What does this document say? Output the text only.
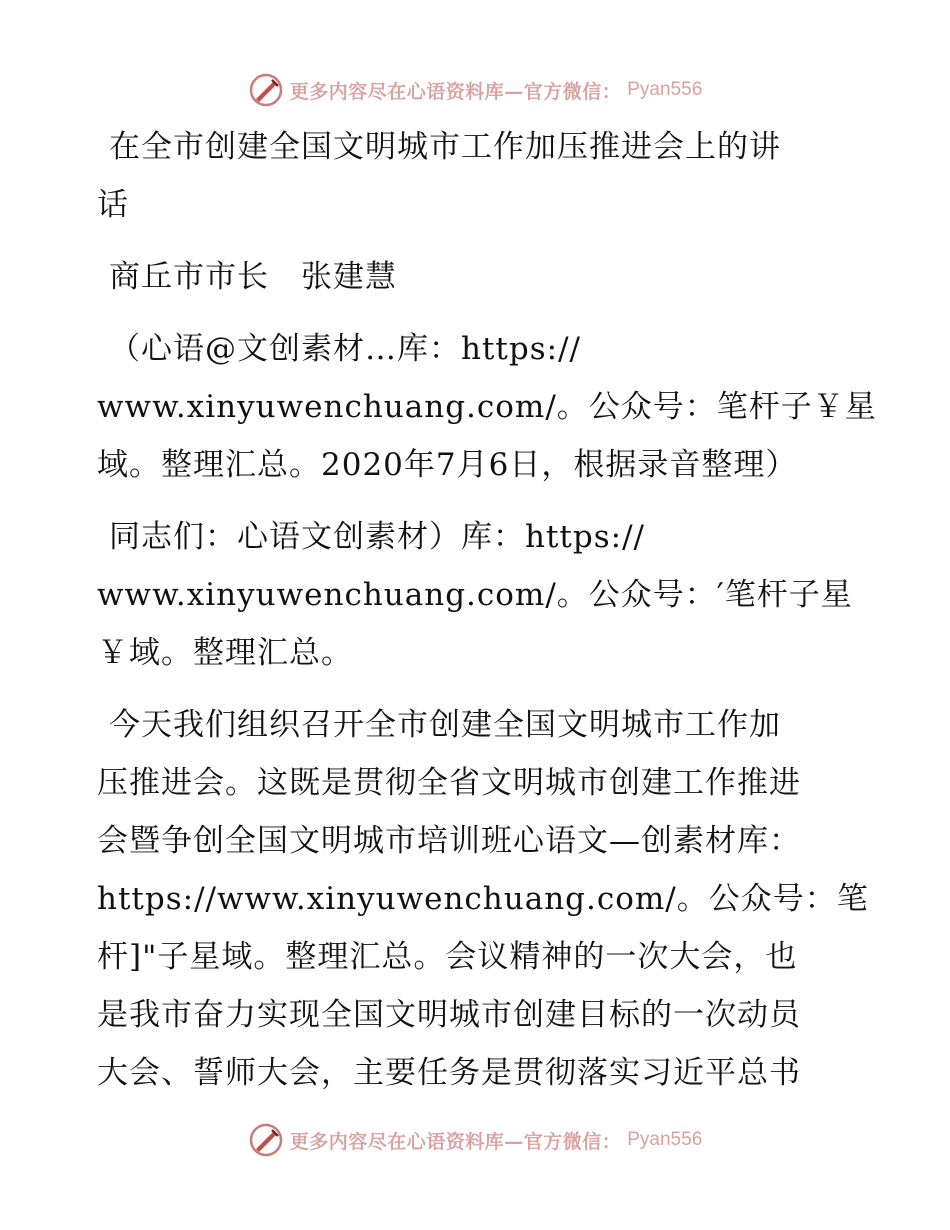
更多内容尽在心语资料库—官方微信： Pyan556
在全市创建全国文明城市工作加压推进会上的讲
话
商丘市市长　张建慧
（心语@文创素材…库：https://
www.xinyuwenchuang.com/。公众号：笔杆子￥星
域。整理汇总。2020年7月6日，根据录音整理）
同志们：心语文创素材）库：https://
www.xinyuwenchuang.com/。公众号：′笔杆子星
￥域。整理汇总。
今天我们组织召开全市创建全国文明城市工作加
压推进会。这既是贯彻全省文明城市创建工作推进
会暨争创全国文明城市培训班心语文—创素材库：
https://www.xinyuwenchuang.com/。公众号：笔
杆]"子星域。整理汇总。会议精神的一次大会，也
是我市奋力实现全国文明城市创建目标的一次动员
大会、誓师大会，主要任务是贯彻落实习近平总书
更多内容尽在心语资料库—官方微信： Pyan556
